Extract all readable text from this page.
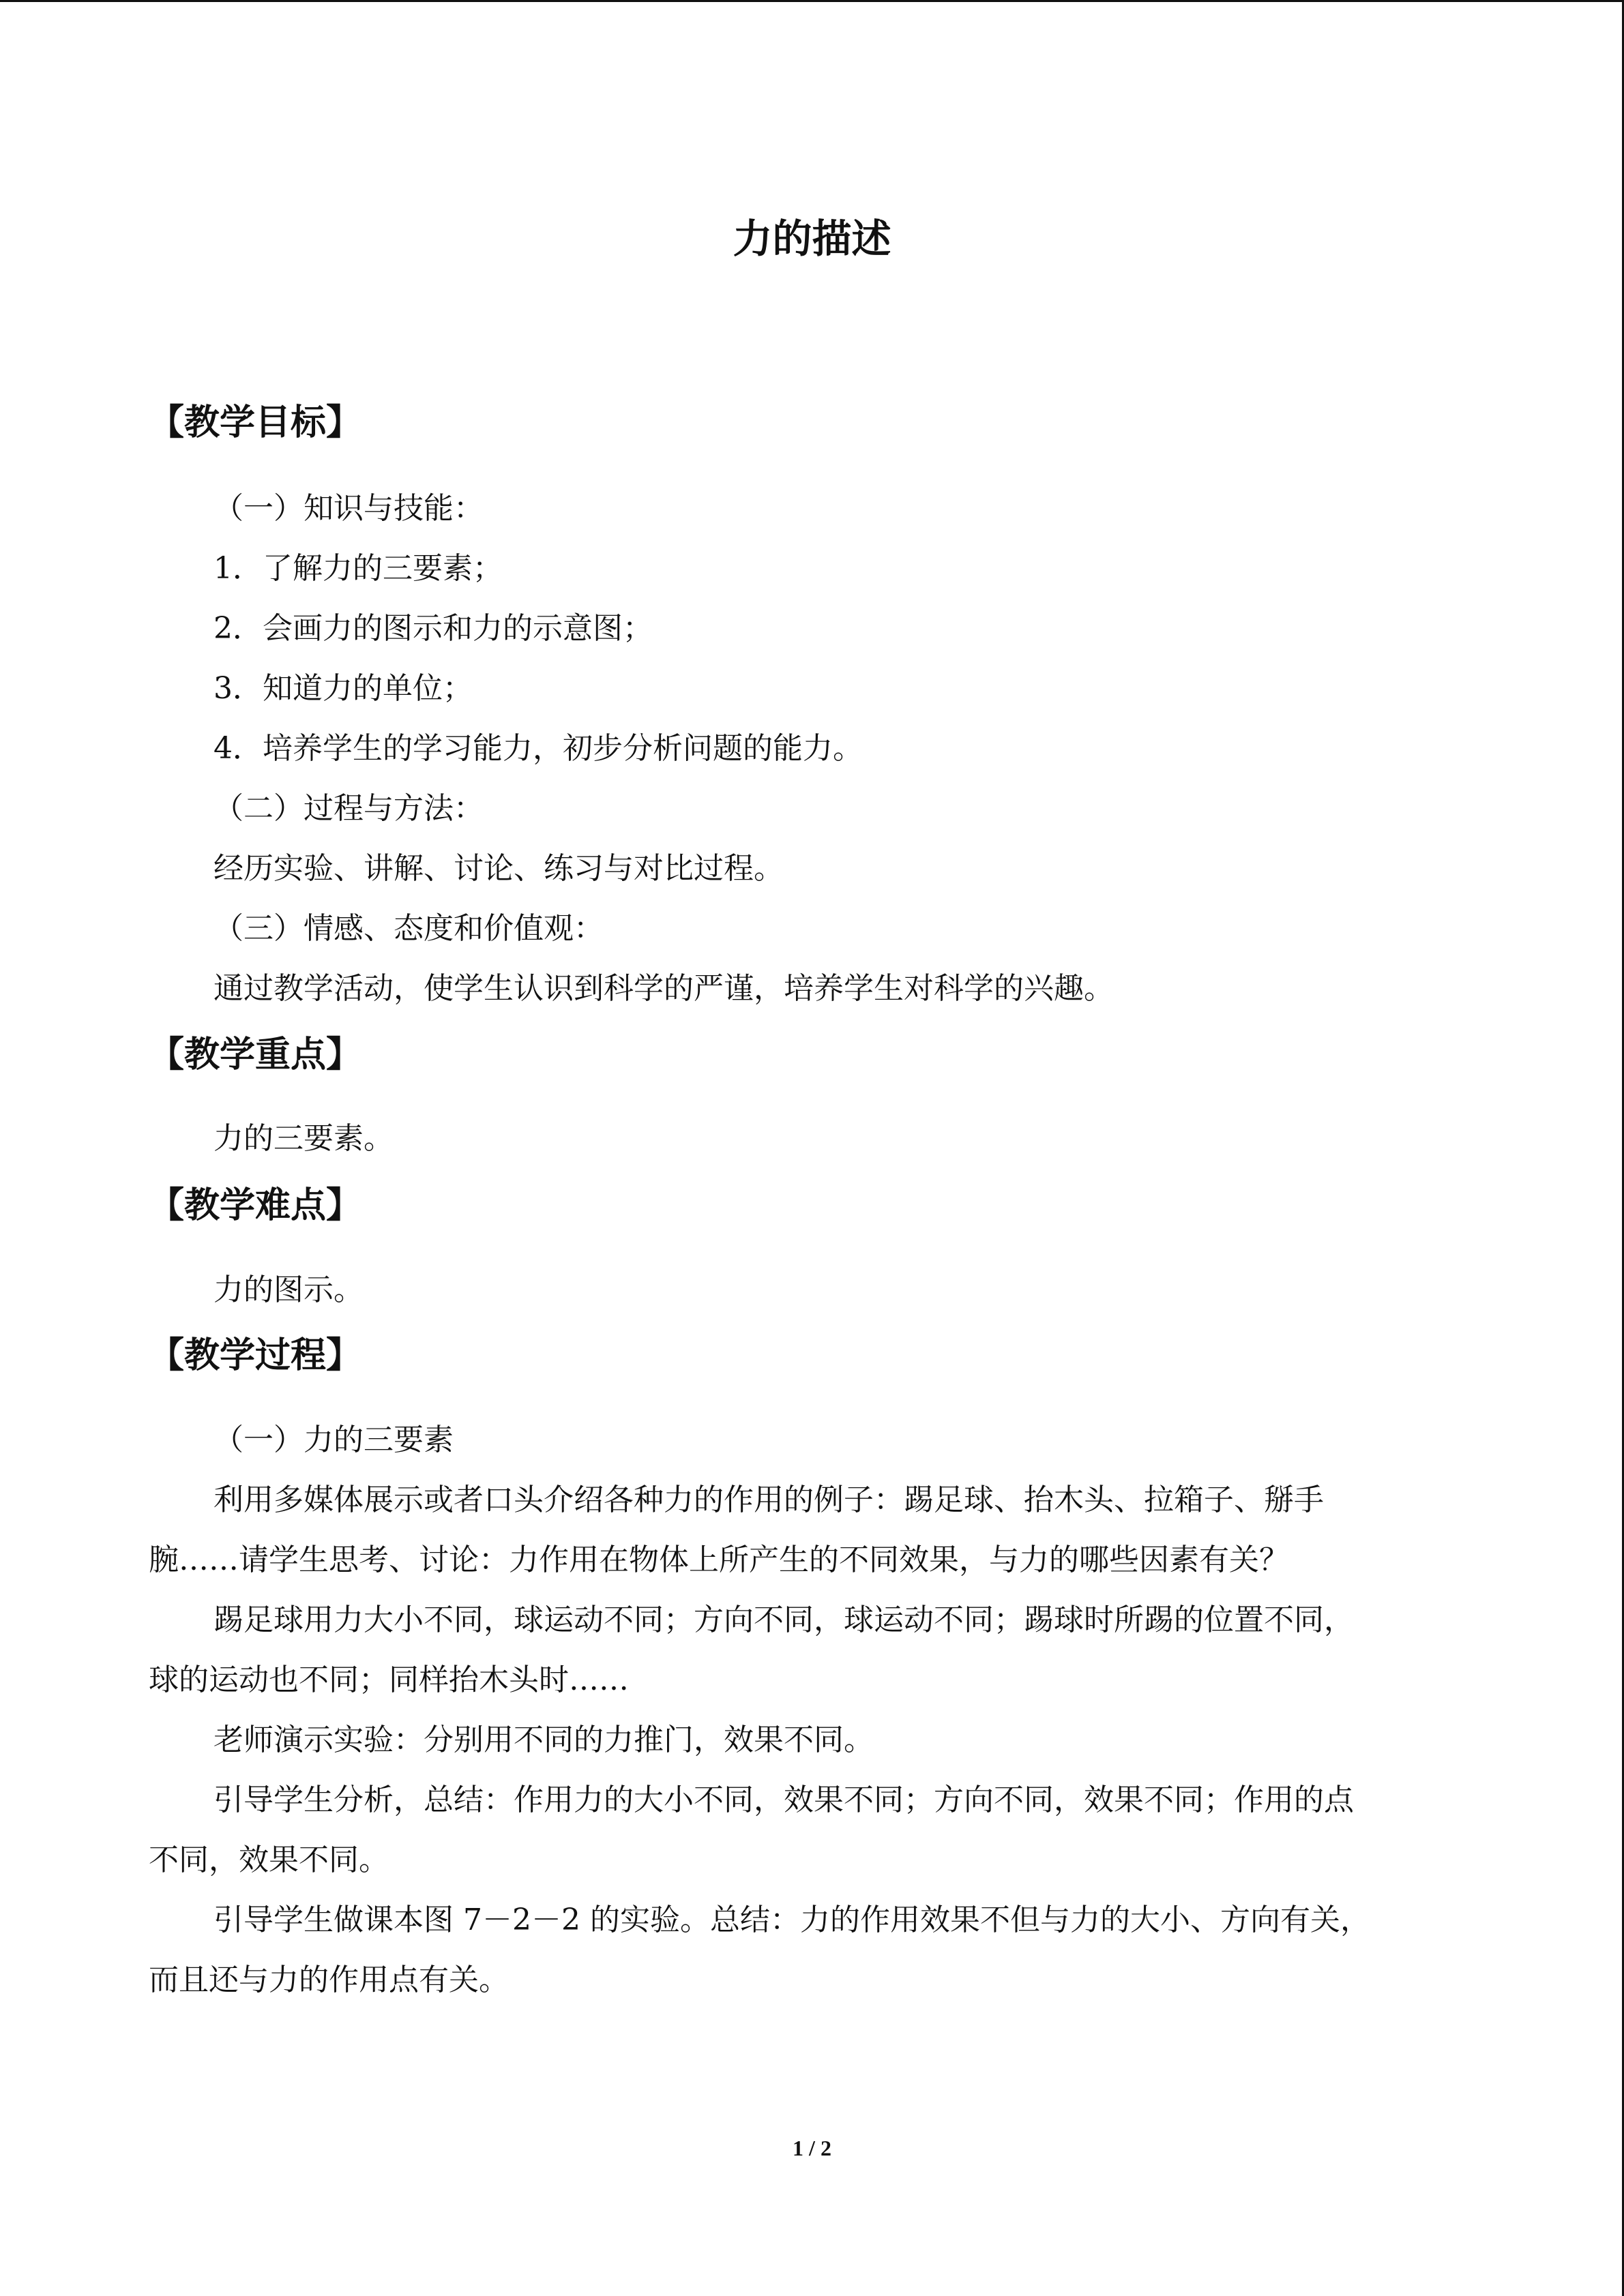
力的描述
【教学目标】

（一）知识与技能：

1．了解力的三要素；

2．会画力的图示和力的示意图；

3．知道力的单位；

4．培养学生的学习能力，初步分析问题的能力。

（二）过程与方法：

经历实验、讲解、讨论、练习与对比过程。

（三）情感、态度和价值观：

通过教学活动，使学生认识到科学的严谨，培养学生对科学的兴趣。

【教学重点】

力的三要素。

【教学难点】

力的图示。

【教学过程】

（一）力的三要素

利用多媒体展示或者口头介绍各种力的作用的例子：踢足球、抬木头、拉箱子、掰手

腕……请学生思考、讨论：力作用在物体上所产生的不同效果，与力的哪些因素有关？

踢足球用力大小不同，球运动不同；方向不同，球运动不同；踢球时所踢的位置不同，

球的运动也不同；同样抬木头时……

老师演示实验：分别用不同的力推门，效果不同。

引导学生分析，总结：作用力的大小不同，效果不同；方向不同，效果不同；作用的点

不同，效果不同。

引导学生做课本图 7－2－2 的实验。总结：力的作用效果不但与力的大小、方向有关，

而且还与力的作用点有关。

1 / 2
